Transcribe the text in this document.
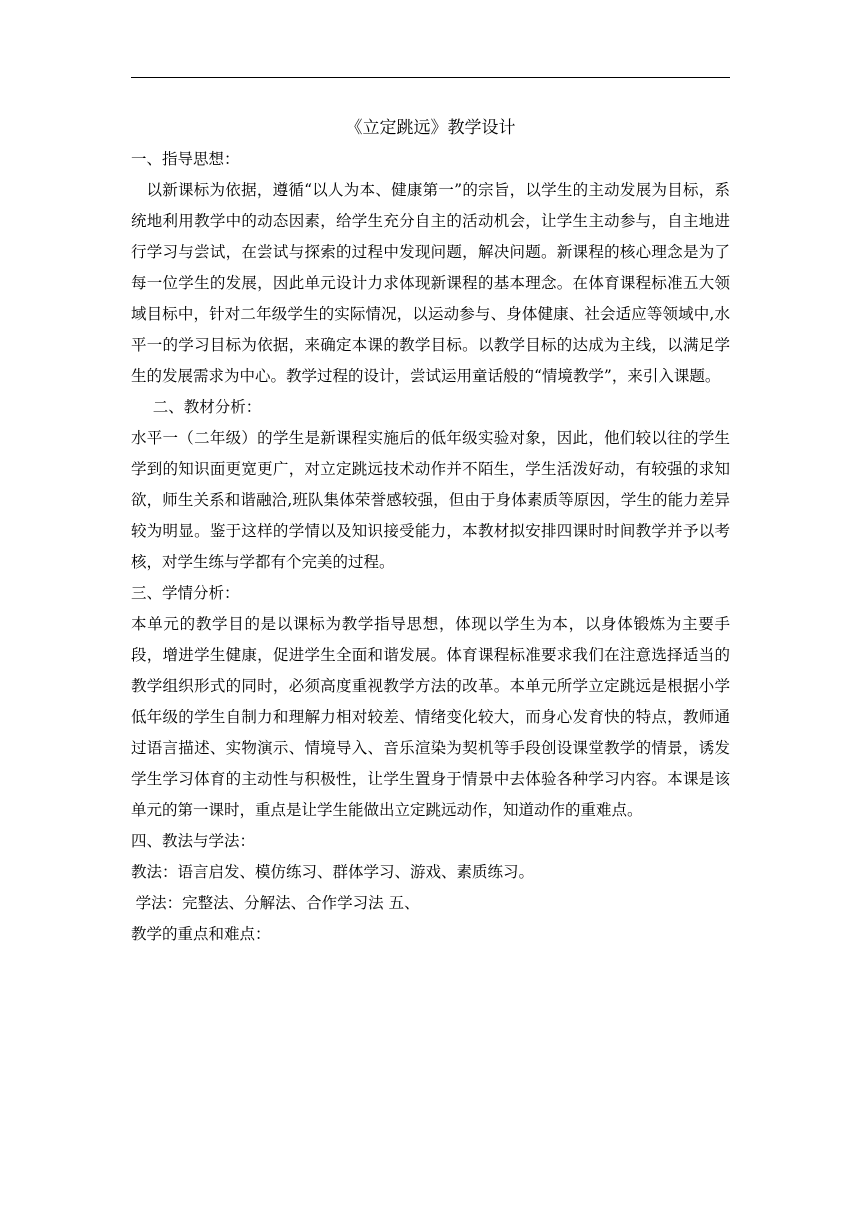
《立定跳远》教学设计
一、指导思想：
以新课标为依据，遵循“以人为本、健康第一”的宗旨，以学生的主动发展为目标，系统地利用教学中的动态因素，给学生充分自主的活动机会，让学生主动参与，自主地进行学习与尝试，在尝试与探索的过程中发现问题，解决问题。新课程的核心理念是为了每一位学生的发展，因此单元设计力求体现新课程的基本理念。在体育课程标准五大领域目标中，针对二年级学生的实际情况，以运动参与、身体健康、社会适应等领域中,水平一的学习目标为依据，来确定本课的教学目标。以教学目标的达成为主线，以满足学生的发展需求为中心。教学过程的设计，尝试运用童话般的“情境教学”，来引入课题。
二、教材分析：
水平一（二年级）的学生是新课程实施后的低年级实验对象，因此，他们较以往的学生学到的知识面更宽更广，对立定跳远技术动作并不陌生，学生活泼好动，有较强的求知欲，师生关系和谐融洽,班队集体荣誉感较强，但由于身体素质等原因，学生的能力差异较为明显。鉴于这样的学情以及知识接受能力，本教材拟安排四课时时间教学并予以考核，对学生练与学都有个完美的过程。
三、学情分析：
本单元的教学目的是以课标为教学指导思想，体现以学生为本，以身体锻炼为主要手段，增进学生健康，促进学生全面和谐发展。体育课程标准要求我们在注意选择适当的教学组织形式的同时，必须高度重视教学方法的改革。本单元所学立定跳远是根据小学低年级的学生自制力和理解力相对较差、情绪变化较大，而身心发育快的特点，教师通过语言描述、实物演示、情境导入、音乐渲染为契机等手段创设课堂教学的情景，诱发学生学习体育的主动性与积极性，让学生置身于情景中去体验各种学习内容。本课是该单元的第一课时，重点是让学生能做出立定跳远动作，知道动作的重难点。
四、教法与学法：
教法：语言启发、模仿练习、群体学习、游戏、素质练习。
学法：完整法、分解法、合作学习法 五、
教学的重点和难点：
